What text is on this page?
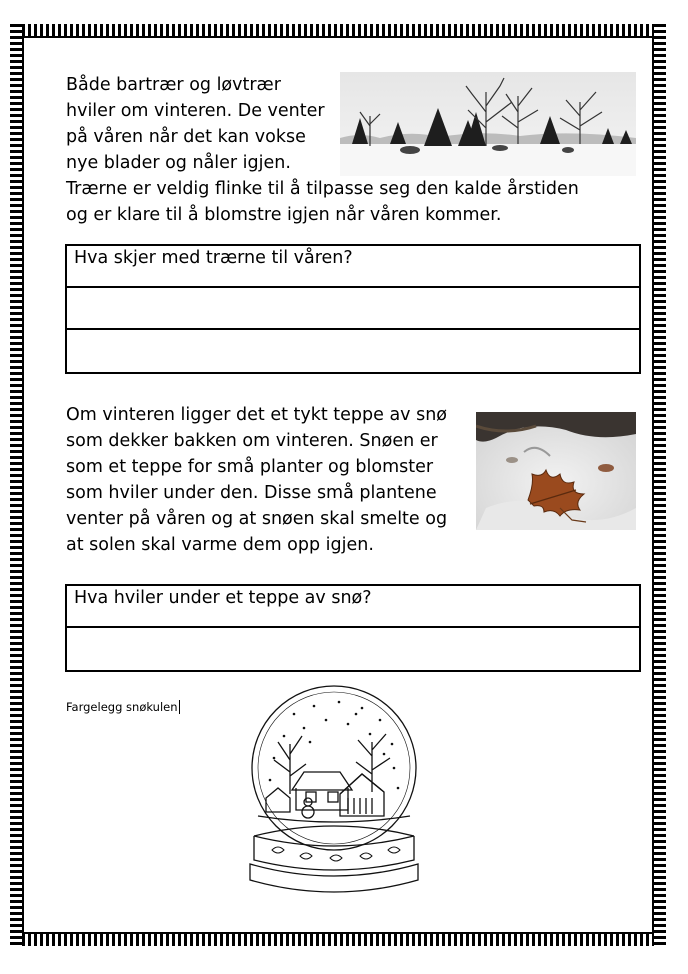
Både bartrær og løvtrær
hviler om vinteren. De venter
på våren når det kan vokse
nye blader og nåler igjen.
Trærne er veldig flinke til å tilpasse seg den kalde årstiden
og er klare til å blomstre igjen når våren kommer.
Hva skjer med trærne til våren?
Om vinteren ligger det et tykt teppe av snø
som dekker bakken om vinteren. Snøen er
som et teppe for små planter og blomster
som hviler under den. Disse små plantene
venter på våren og at snøen skal smelte og
at solen skal varme dem opp igjen.
Hva hviler under et teppe av snø?
Fargelegg snøkulen
